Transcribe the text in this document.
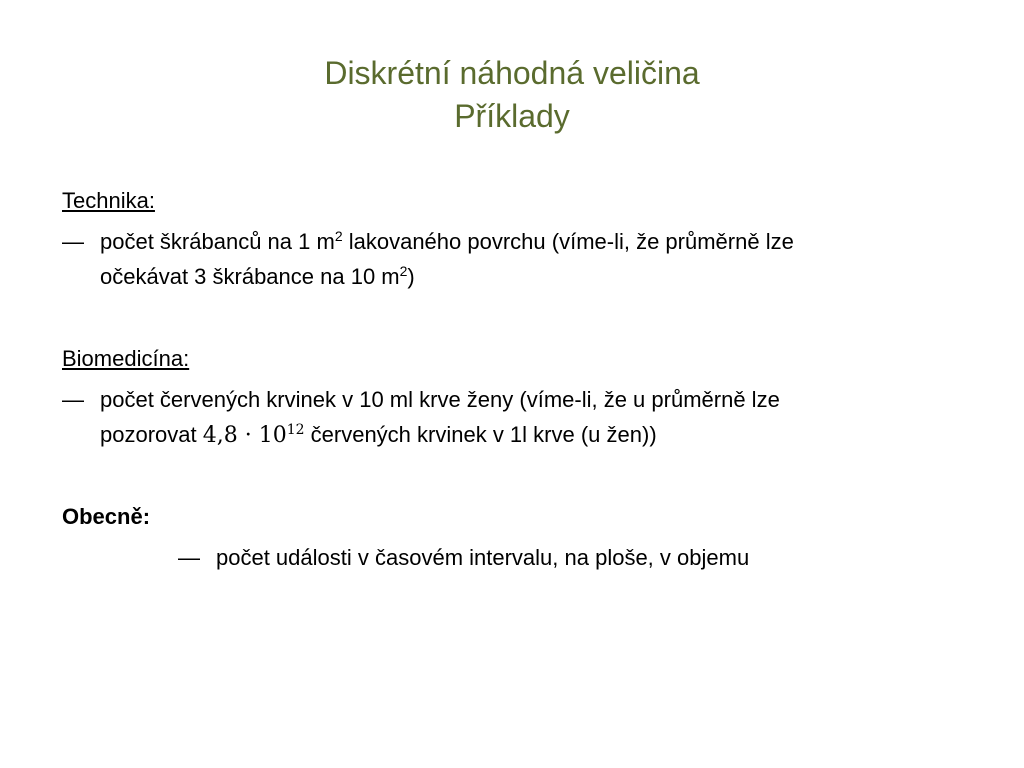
Diskrétní náhodná veličina
Příklady
Technika:
— počet škrábanců na 1 $m^2$ lakovaného povrchu (víme-li, že průměrně lze
očekávat 3 škrábance na 10 $m^2$)
Biomedicína:
— počet červených krvinek v 10 ml krve ženy (víme-li, že u průměrně lze
pozorovat $4,8 \cdot 10^{12}$ červených krvinek v 1l krve (u žen))
Obecně:
— počet události v časovém intervalu, na ploše, v objemu
